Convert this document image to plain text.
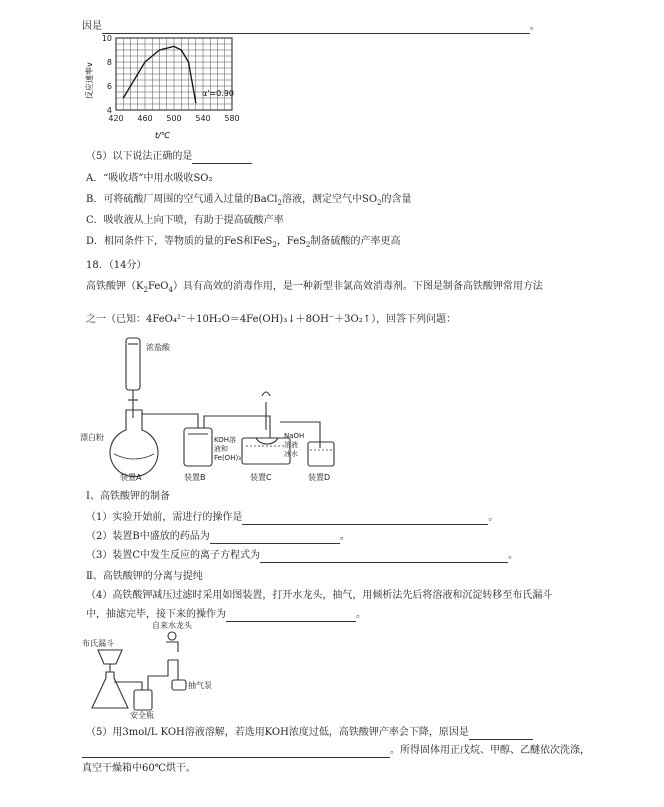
因是	。
反应速率v
t/℃
α'=0.90
420 460 500 540 580
10
8
6
4
（5）以下说法正确的是
A．“吸收塔”中用水吸收SO₂
B．可将硫酸厂周围的空气通入过量的BaCl$_2$溶液，测定空气中$SO_2$的含量
C．吸收液从上向下喷，有助于提高硫酸产率
D．相同条件下，等物质的量的FeS和FeS$_2$，FeS$_2$制备硫酸的产率更高
18．（14分）
高铁酸钾$(K_2FeO_4)$具有高效的消毒作用，是一种新型非氯高效消毒剂。下图是制备高铁酸钾常用方法
之一（已知：4FeO₄²⁻＋10H₂O＝4Fe(OH)₃↓＋8OH⁻＋3O₂↑），回答下列问题：
浓盐酸
漂白粉
装置A	装置B	装置C	装置D
KOH溶
液和
Fe(OH)₃
NaOH
溶液
冰水
Ⅰ、高铁酸钾的制备
（1）实验开始前，需进行的操作是	。
（2）装置B中盛放的药品为	。
（3）装置C中发生反应的离子方程式为	。
Ⅱ、高铁酸钾的分离与提纯
（4）高铁酸钾减压过滤时采用如图装置，打开水龙头，抽气，用倾析法先后将溶液和沉淀转移至布氏漏斗
中，抽滤完毕，接下来的操作为	。
布氏漏斗
自来水龙头
抽气泵
安全瓶
（5）用3mol/L KOH溶液溶解，若选用KOH浓度过低，高铁酸钾产率会下降，原因是
。所得固体用正戊烷、甲醇、乙醚依次洗涤，
真空干燥箱中60℃烘干。
